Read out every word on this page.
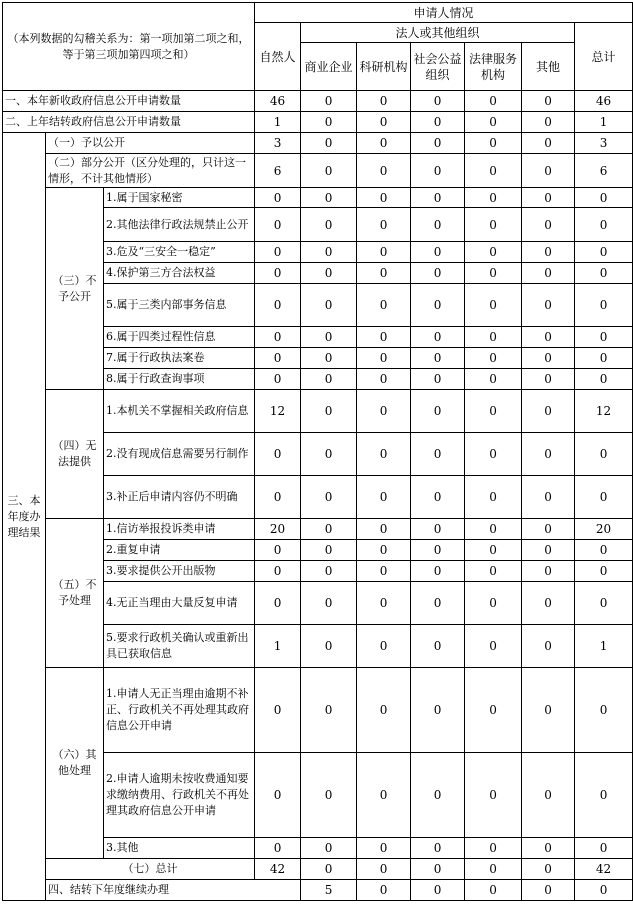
（本列数据的勾稽关系为：第一项加第二项之和，等于第三项加第四项之和）			申请人情况							
			自然人	法人或其他组织					总计	
				商业企业	科研机构	社会公益组织	法律服务机构	其他		
一、本年新收政府信息公开申请数量			46	0	0	0	0	0	46	
二、上年结转政府信息公开申请数量			1	0	0	0	0	0	1	
三、本年度办理结果	（一）予以公开		3	0	0	0	0	0	3	
	（二）部分公开（区分处理的，只计这一情形，不计其他情形）		6	0	0	0	0	0	6	
	（三）不予公开	1.属于国家秘密	0	0	0	0	0	0	0	
		2.其他法律行政法规禁止公开	0	0	0	0	0	0	0	
		3.危及“三安全一稳定”	0	0	0	0	0	0	0	
		4.保护第三方合法权益	0	0	0	0	0	0	0	
		5.属于三类内部事务信息	0	0	0	0	0	0	0	
		6.属于四类过程性信息	0	0	0	0	0	0	0	
		7.属于行政执法案卷	0	0	0	0	0	0	0	
		8.属于行政查询事项	0	0	0	0	0	0	0	
	（四）无法提供	1.本机关不掌握相关政府信息	12	0	0	0	0	0	12	
		2.没有现成信息需要另行制作	0	0	0	0	0	0	0	
		3.补正后申请内容仍不明确	0	0	0	0	0	0	0	
	（五）不予处理	1.信访举报投诉类申请	20	0	0	0	0	0	20	
		2.重复申请	0	0	0	0	0	0	0	
		3.要求提供公开出版物	0	0	0	0	0	0	0	
		4.无正当理由大量反复申请	0	0	0	0	0	0	0	
		5.要求行政机关确认或重新出具已获取信息	1	0	0	0	0	0	1	
	（六）其他处理	1.申请人无正当理由逾期不补正、行政机关不再处理其政府信息公开申请	0	0	0	0	0	0	0	
		2.申请人逾期未按收费通知要求缴纳费用、行政机关不再处理其政府信息公开申请	0	0	0	0	0	0	0	
		3.其他	0	0	0	0	0	0	0	
	（七）总计		42	0	0	0	0	0	42	
	四、结转下年度继续办理			5	0	0	0	0	0	
